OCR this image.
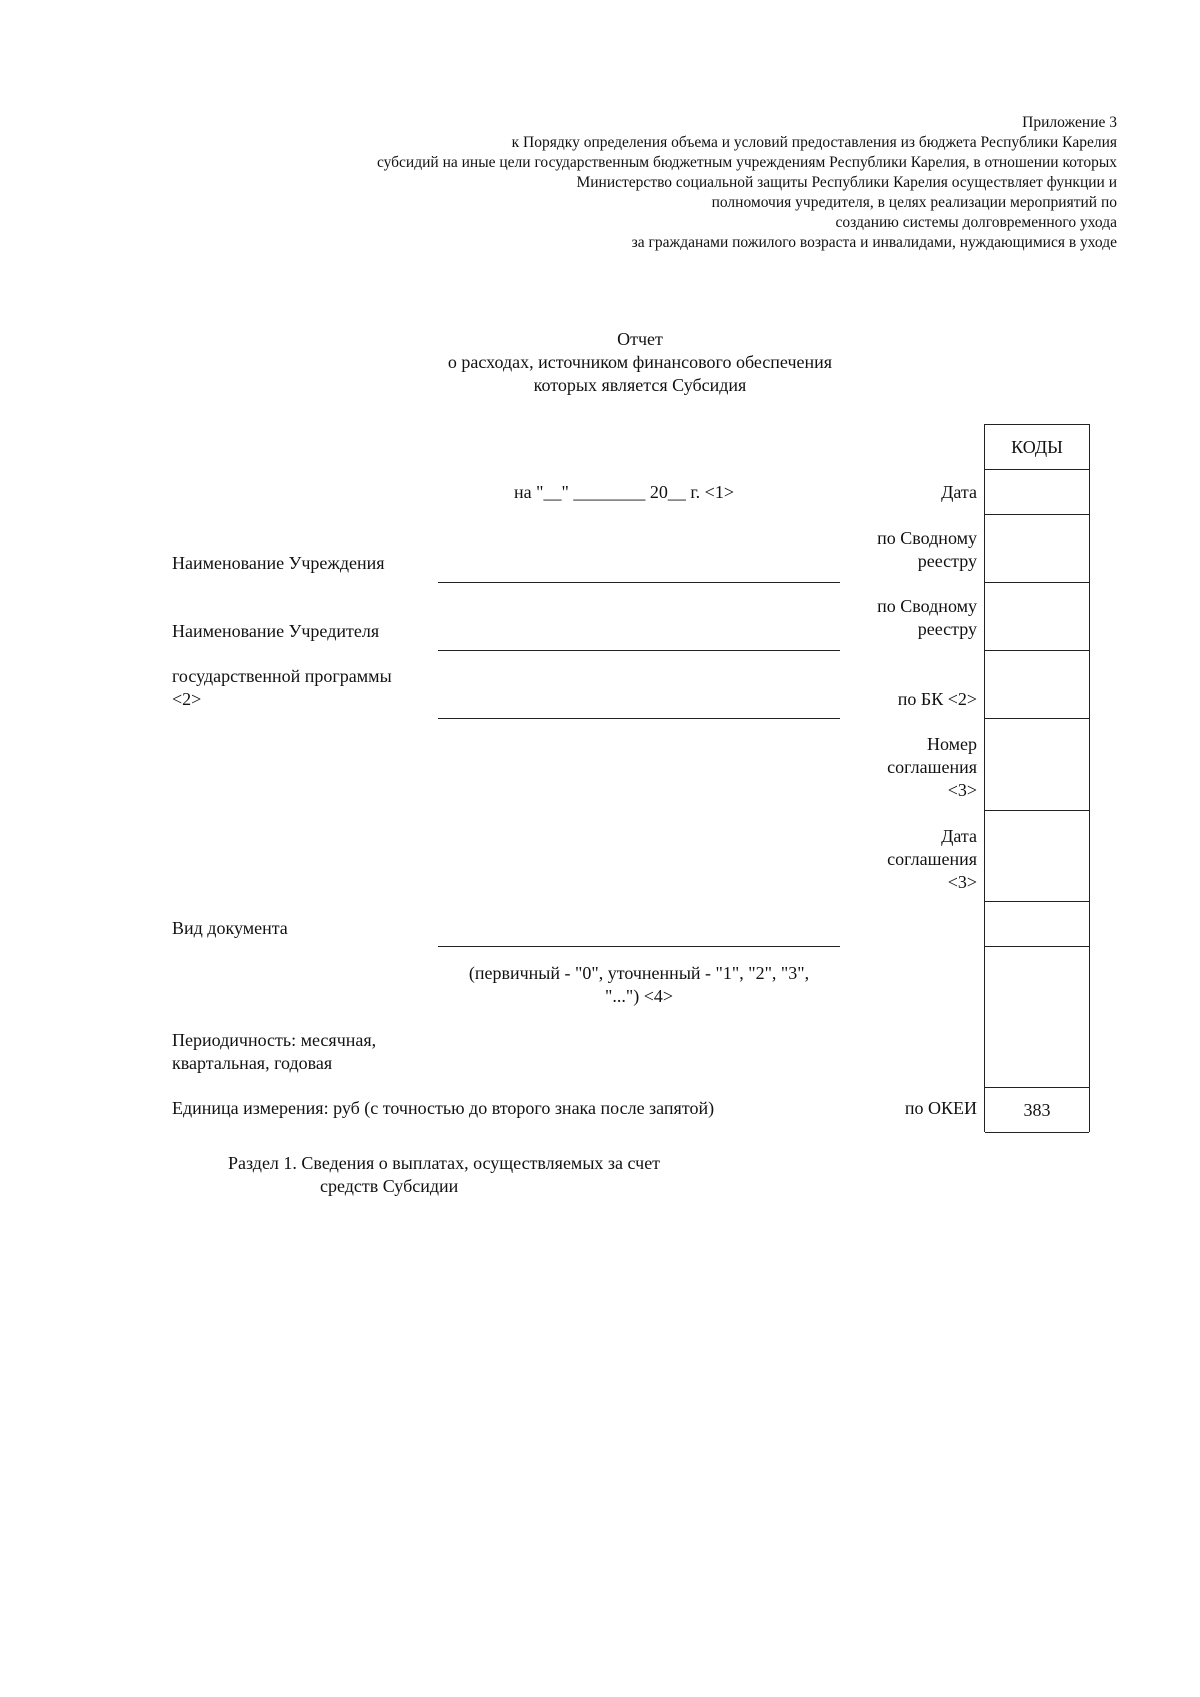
Приложение 3
к Порядку определения объема и условий предоставления из бюджета Республики Карелия
субсидий на иные цели государственным бюджетным учреждениям Республики Карелия, в отношении которых
Министерство социальной защиты Республики Карелия осуществляет функции и
полномочия учредителя, в целях реализации мероприятий по
созданию системы долговременного ухода
за гражданами пожилого возраста и инвалидами, нуждающимися в уходе
Отчет
о расходах, источником финансового обеспечения
которых является Субсидия
на "__" ________ 20__ г. <1>
Наименование Учреждения
Наименование Учредителя
государственной программы
<2>
Вид документа
Периодичность: месячная,
квартальная, годовая
Единица измерения: руб (с точностью до второго знака после запятой)
(первичный - "0", уточненный - "1", "2", "3",
"...") <4>
Дата
по Сводному
реестру
по Сводному
реестру
по БК <2>
Номер
соглашения
<3>
Дата
соглашения
<3>
по ОКЕИ
КОДЫ
383
Раздел 1. Сведения о выплатах, осуществляемых за счет
средств Субсидии
